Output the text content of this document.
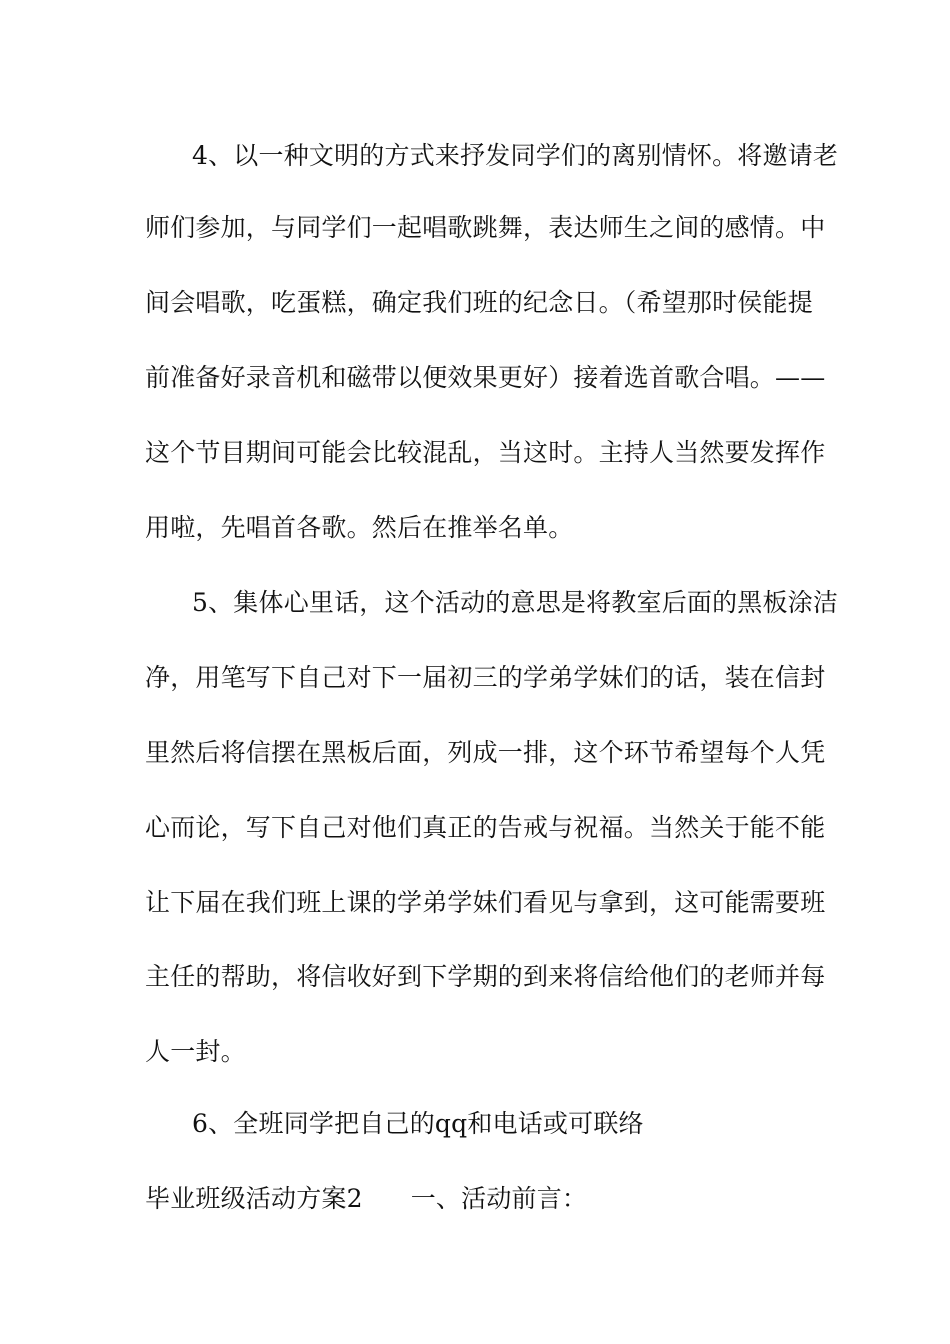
4、以一种文明的方式来抒发同学们的离别情怀。将邀请老
师们参加，与同学们一起唱歌跳舞，表达师生之间的感情。中
间会唱歌，吃蛋糕，确定我们班的纪念日。（希望那时侯能提
前准备好录音机和磁带以便效果更好）接着选首歌合唱。——
这个节目期间可能会比较混乱，当这时。主持人当然要发挥作
用啦，先唱首各歌。然后在推举名单。
5、集体心里话，这个活动的意思是将教室后面的黑板涂洁
净，用笔写下自己对下一届初三的学弟学妹们的话，装在信封
里然后将信摆在黑板后面，列成一排，这个环节希望每个人凭
心而论，写下自己对他们真正的告戒与祝福。当然关于能不能
让下届在我们班上课的学弟学妹们看见与拿到，这可能需要班
主任的帮助，将信收好到下学期的到来将信给他们的老师并每
人一封。
6、全班同学把自己的qq和电话或可联络
毕业班级活动方案2 一、活动前言：
